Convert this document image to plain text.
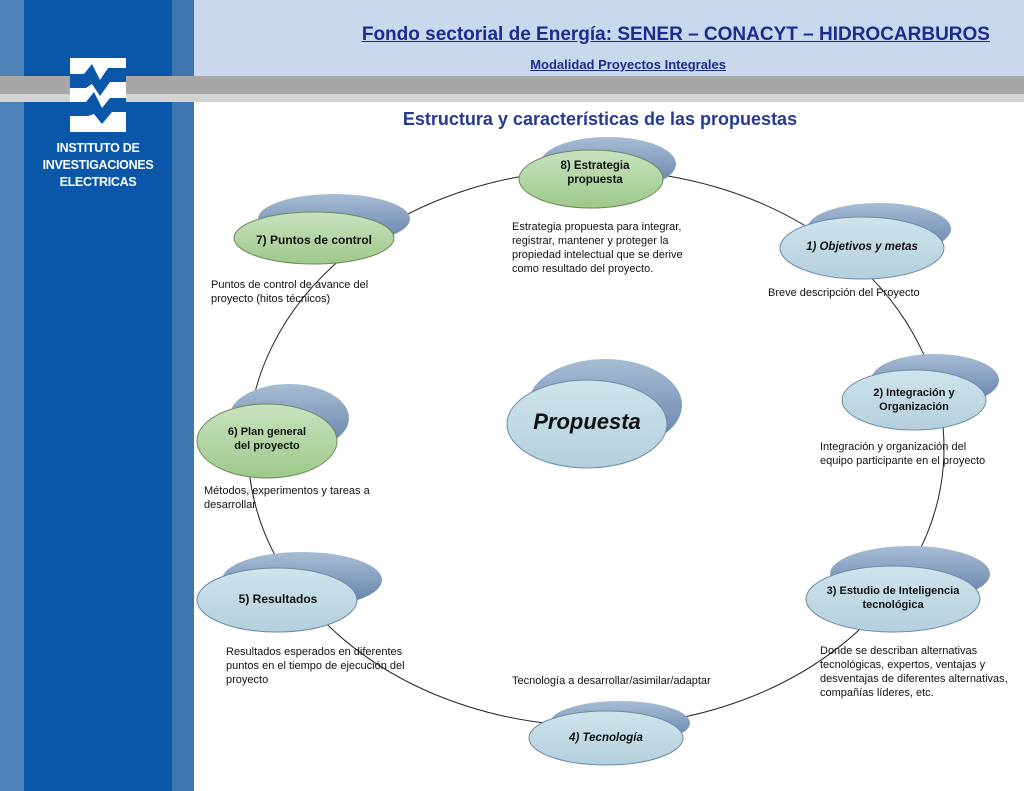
INSTITUTO DE
INVESTIGACIONES
ELECTRICAS
Fondo sectorial de Energía: SENER – CONACYT – HIDROCARBUROS
Modalidad Proyectos Integrales
Estructura y características de las propuestas
Propuesta
8) Estrategia propuesta
1) Objetivos y metas
2) Integración y Organización
3) Estudio de Inteligencia tecnológica
4) Tecnología
5) Resultados
6) Plan general del proyecto
7) Puntos de control
Estrategia propuesta para integrar, registrar, mantener y proteger la propiedad intelectual que se derive como resultado del proyecto.
Breve descripción del Proyecto
Integración y organización del equipo participante en el proyecto
Donde se describan alternativas tecnológicas, expertos, ventajas y desventajas de diferentes alternativas, compañías líderes, etc.
Tecnología a desarrollar/asimilar/adaptar
Resultados esperados en diferentes puntos en el tiempo de ejecución del proyecto
Métodos, experimentos y tareas a desarrollar
Puntos de control de avance del proyecto (hitos técnicos)
